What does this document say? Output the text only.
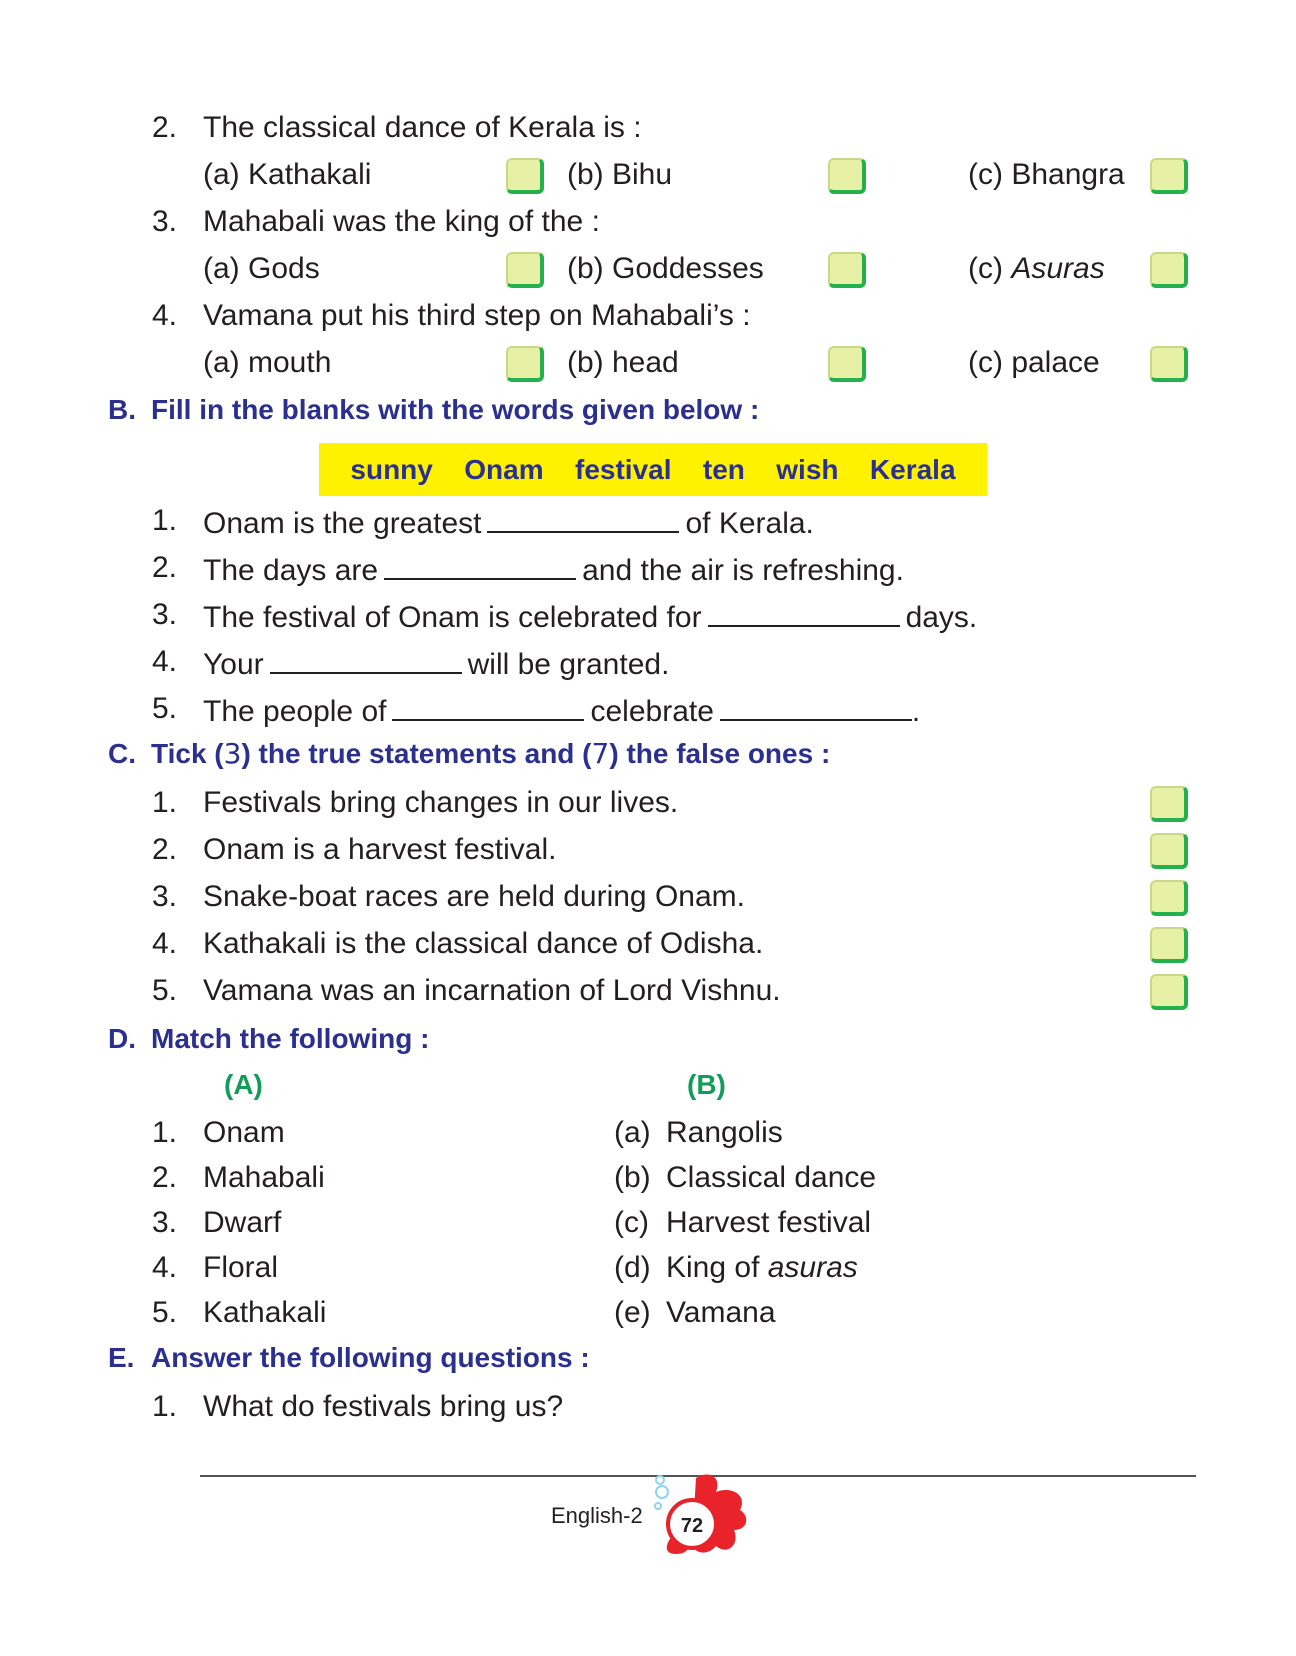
2. The classical dance of Kerala is :
(a) Kathakali	(b) Bihu	(c) Bhangra
3. Mahabali was the king of the :
(a) Gods	(b) Goddesses	(c) Asuras
4. Vamana put his third step on Mahabali’s :
(a) mouth	(b) head	(c) palace
B. Fill in the blanks with the words given below :
sunny Onam festival ten wish Kerala
1. Onam is the greatest	of Kerala.
2. The days are	and the air is refreshing.
3. The festival of Onam is celebrated for	days.
4. Your	will be granted.
5. The people of	celebrate	.
C. Tick (3) the true statements and (7) the false ones :
1. Festivals bring changes in our lives.
2. Onam is a harvest festival.
3. Snake-boat races are held during Onam.
4. Kathakali is the classical dance of Odisha.
5. Vamana was an incarnation of Lord Vishnu.
D. Match the following :
(A)	(B)
1. Onam	(a) Rangolis
2. Mahabali	(b) Classical dance
3. Dwarf	(c) Harvest festival
4. Floral	(d) King of asuras
5. Kathakali	(e) Vamana
E. Answer the following questions :
1. What do festivals bring us?
English-2 72
